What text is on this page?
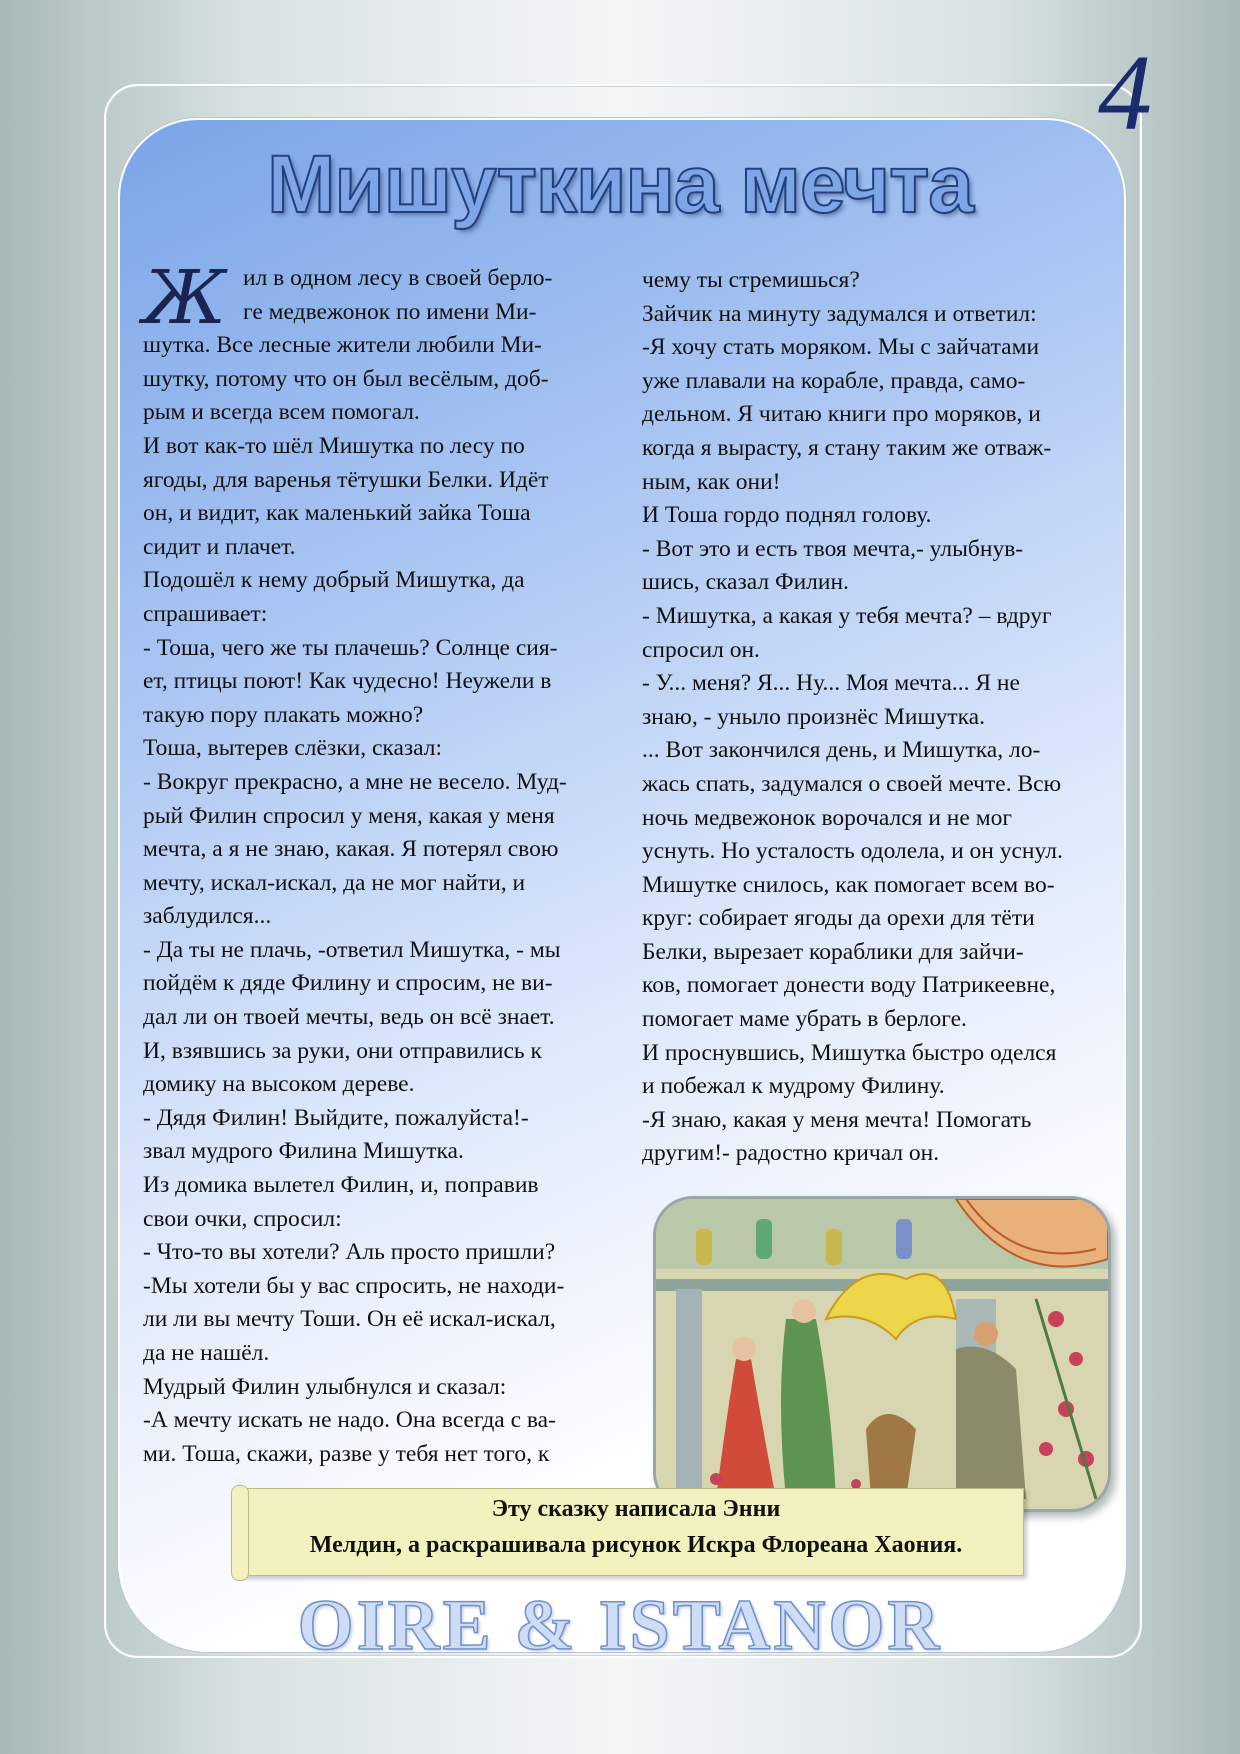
4
Мишуткина мечта
Ж ил в одном лесу в своей берло-

ге медвежонок по имени Ми-

шутка. Все лесные жители любили Ми-

шутку, потому что он был весёлым, доб-

рым и всегда всем помогал.

И вот как-то шёл Мишутка по лесу по

ягоды, для варенья тётушки Белки. Идёт

он, и видит, как маленький зайка Тоша

сидит и плачет.

Подошёл к нему добрый Мишутка, да

спрашивает:

- Тоша, чего же ты плачешь? Солнце сия-

ет, птицы поют! Как чудесно! Неужели в

такую пору плакать можно?

Тоша, вытерев слёзки, сказал:

- Вокруг прекрасно, а мне не весело. Муд-

рый Филин спросил у меня, какая у меня

мечта, а я не знаю, какая. Я потерял свою

мечту, искал-искал, да не мог найти, и

заблудился...

- Да ты не плачь, -ответил Мишутка, - мы

пойдём к дяде Филину и спросим, не ви-

дал ли он твоей мечты, ведь он всё знает.

И, взявшись за руки, они отправились к

домику на высоком дереве.

- Дядя Филин! Выйдите, пожалуйста!-

звал мудрого Филина Мишутка.

Из домика вылетел Филин, и, поправив

свои очки, спросил:

- Что-то вы хотели? Аль просто пришли?

-Мы хотели бы у вас спросить, не находи-

ли ли вы мечту Тоши. Он её искал-искал,

да не нашёл.

Мудрый Филин улыбнулся и сказал:

-А мечту искать не надо. Она всегда с ва-

ми. Тоша, скажи, разве у тебя нет того, к

чему ты стремишься?

Зайчик на минуту задумался и ответил:

-Я хочу стать моряком. Мы с зайчатами

уже плавали на корабле, правда, само-

дельном. Я читаю книги про моряков, и

когда я вырасту, я стану таким же отваж-

ным, как они!

И Тоша гордо поднял голову.

- Вот это и есть твоя мечта,- улыбнув-

шись, сказал Филин.

- Мишутка, а какая у тебя мечта? – вдруг

спросил он.

- У... меня? Я... Ну... Моя мечта... Я не

знаю, - уныло произнёс Мишутка.

... Вот закончился день, и Мишутка, ло-

жась спать, задумался о своей мечте. Всю

ночь медвежонок ворочался и не мог

уснуть. Но усталость одолела, и он уснул.

Мишутке снилось, как помогает всем во-

круг: собирает ягоды да орехи для тёти

Белки, вырезает кораблики для зайчи-

ков, помогает донести воду Патрикеевне,

помогает маме убрать в берлоге.

И проснувшись, Мишутка быстро оделся

и побежал к мудрому Филину.

-Я знаю, какая у меня мечта! Помогать

другим!- радостно кричал он.

Эту сказку написала Энни
Мелдин, а раскрашивала рисунок Искра Флореана Хаония.
OIRE & ISTANOR
